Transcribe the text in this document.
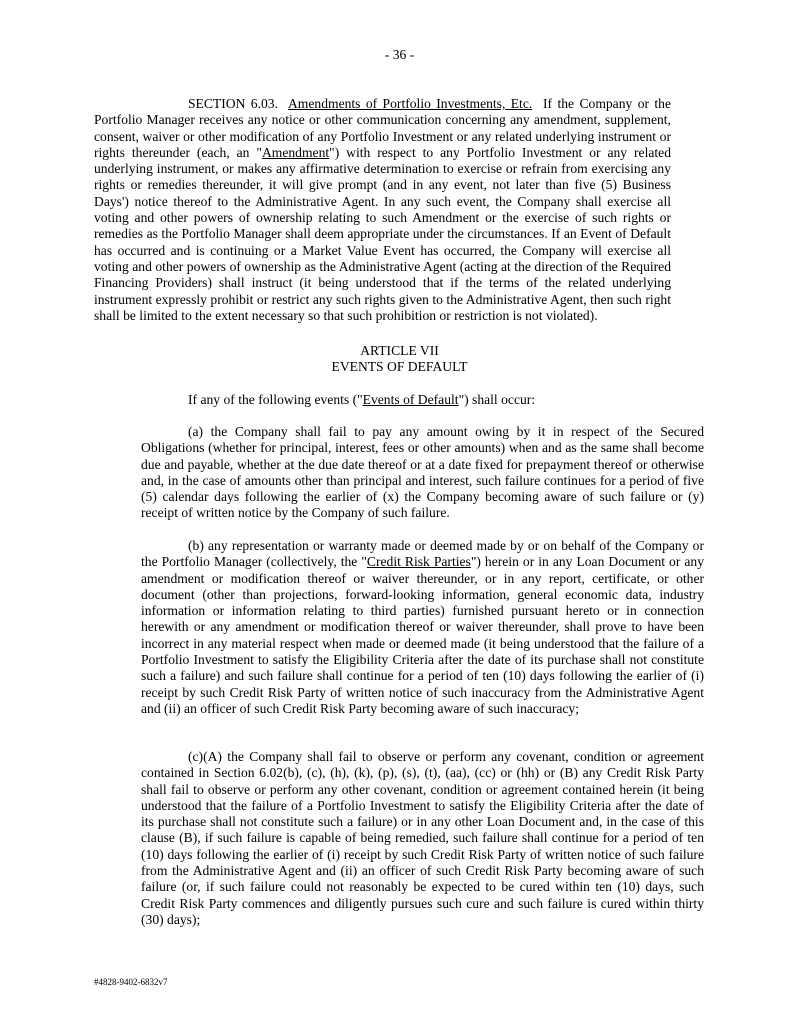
- 36 -

SECTION 6.03. Amendments of Portfolio Investments, Etc. If the Company or the Portfolio Manager receives any notice or other communication concerning any amendment, supplement, consent, waiver or other modification of any Portfolio Investment or any related underlying instrument or rights thereunder (each, an "Amendment") with respect to any Portfolio Investment or any related underlying instrument, or makes any affirmative determination to exercise or refrain from exercising any rights or remedies thereunder, it will give prompt (and in any event, not later than five (5) Business Days') notice thereof to the Administrative Agent. In any such event, the Company shall exercise all voting and other powers of ownership relating to such Amendment or the exercise of such rights or remedies as the Portfolio Manager shall deem appropriate under the circumstances. If an Event of Default has occurred and is continuing or a Market Value Event has occurred, the Company will exercise all voting and other powers of ownership as the Administrative Agent (acting at the direction of the Required Financing Providers) shall instruct (it being understood that if the terms of the related underlying instrument expressly prohibit or restrict any such rights given to the Administrative Agent, then such right shall be limited to the extent necessary so that such prohibition or restriction is not violated).

ARTICLE VII
EVENTS OF DEFAULT

If any of the following events ("Events of Default") shall occur:

(a) the Company shall fail to pay any amount owing by it in respect of the Secured Obligations (whether for principal, interest, fees or other amounts) when and as the same shall become due and payable, whether at the due date thereof or at a date fixed for prepayment thereof or otherwise and, in the case of amounts other than principal and interest, such failure continues for a period of five (5) calendar days following the earlier of (x) the Company becoming aware of such failure or (y) receipt of written notice by the Company of such failure.

(b) any representation or warranty made or deemed made by or on behalf of the Company or the Portfolio Manager (collectively, the "Credit Risk Parties") herein or in any Loan Document or any amendment or modification thereof or waiver thereunder, or in any report, certificate, or other document (other than projections, forward-looking information, general economic data, industry information or information relating to third parties) furnished pursuant hereto or in connection herewith or any amendment or modification thereof or waiver thereunder, shall prove to have been incorrect in any material respect when made or deemed made (it being understood that the failure of a Portfolio Investment to satisfy the Eligibility Criteria after the date of its purchase shall not constitute such a failure) and such failure shall continue for a period of ten (10) days following the earlier of (i) receipt by such Credit Risk Party of written notice of such inaccuracy from the Administrative Agent and (ii) an officer of such Credit Risk Party becoming aware of such inaccuracy;

(c)(A) the Company shall fail to observe or perform any covenant, condition or agreement contained in Section 6.02(b), (c), (h), (k), (p), (s), (t), (aa), (cc) or (hh) or (B) any Credit Risk Party shall fail to observe or perform any other covenant, condition or agreement contained herein (it being understood that the failure of a Portfolio Investment to satisfy the Eligibility Criteria after the date of its purchase shall not constitute such a failure) or in any other Loan Document and, in the case of this clause (B), if such failure is capable of being remedied, such failure shall continue for a period of ten (10) days following the earlier of (i) receipt by such Credit Risk Party of written notice of such failure from the Administrative Agent and (ii) an officer of such Credit Risk Party becoming aware of such failure (or, if such failure could not reasonably be expected to be cured within ten (10) days, such Credit Risk Party commences and diligently pursues such cure and such failure is cured within thirty (30) days);

#4828-9402-6832v7
